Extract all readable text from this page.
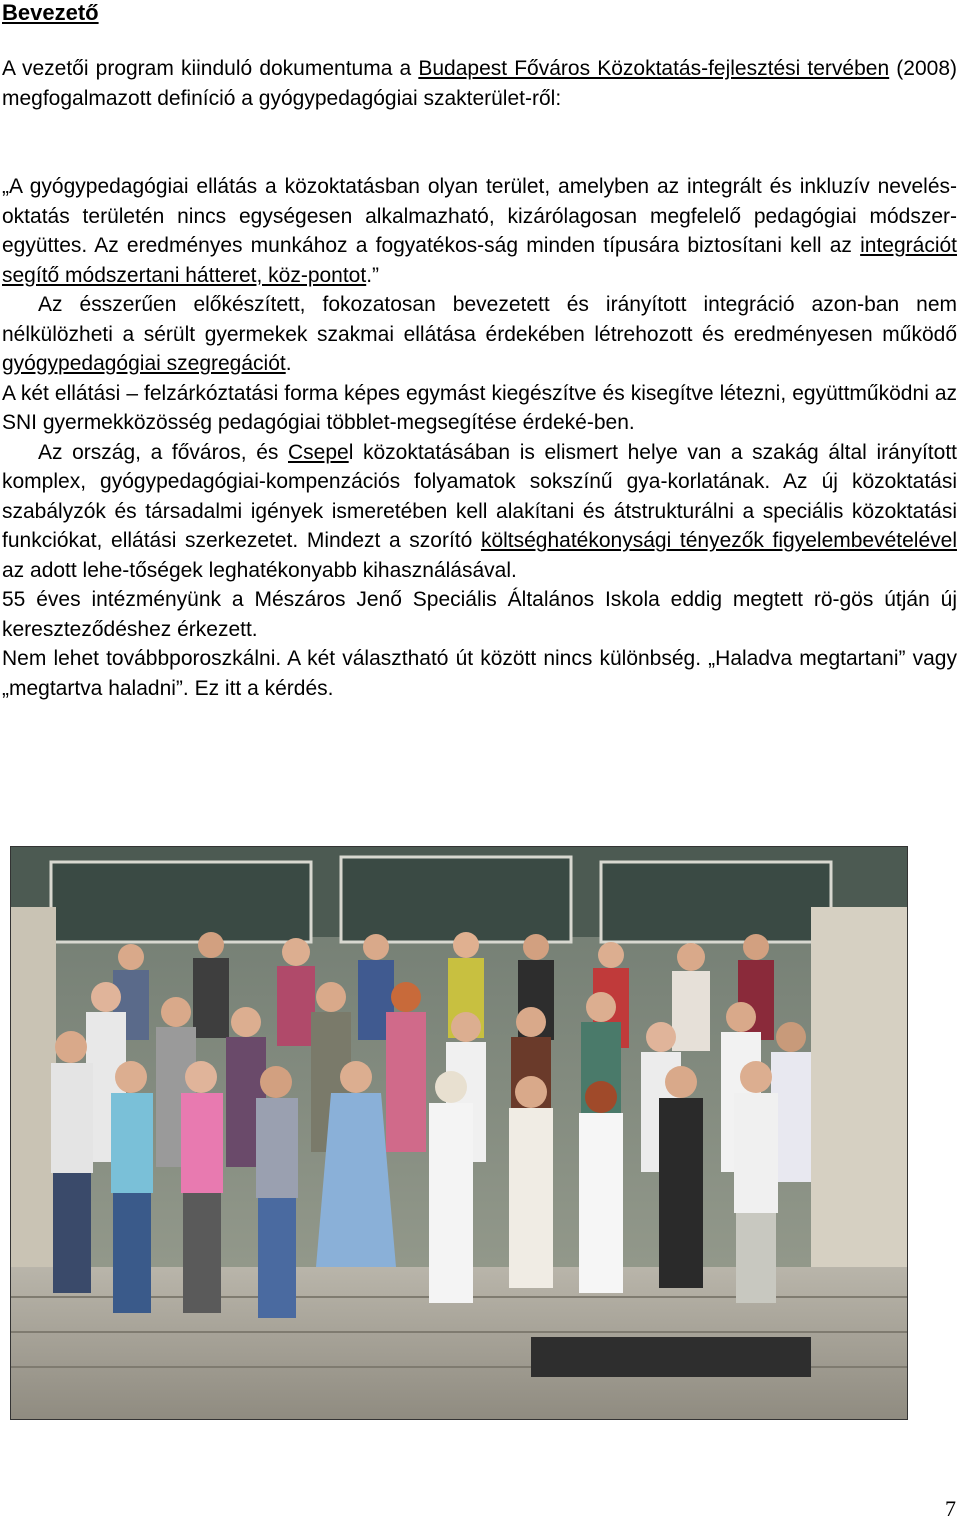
Bevezető

A vezetői program kiinduló dokumentuma a Budapest Főváros Közoktatás-fejlesztési tervében (2008) megfogalmazott definíció a gyógypedagógiai szakterület-ről:

„A gyógypedagógiai ellátás a közoktatásban olyan terület, amelyben az integrált és inkluzív nevelés-oktatás területén nincs egységesen alkalmazható, kizárólagosan megfelelő pedagógiai módszer-együttes. Az eredményes munkához a fogyatékos-ság minden típusára biztosítani kell az integrációt segítő módszertani hátteret, köz-pontot.”

Az ésszerűen előkészített, fokozatosan bevezetett és irányított integráció azon-ban nem nélkülözheti a sérült gyermekek szakmai ellátása érdekében létrehozott és eredményesen működő gyógypedagógiai szegregációt.

A két ellátási – felzárkóztatási forma képes egymást kiegészítve és kisegítve létezni, együttműködni az SNI gyermekközösség pedagógiai többlet-megsegítése érdeké-ben.

Az ország, a főváros, és Csepel közoktatásában is elismert helye van a szakág által irányított komplex, gyógypedagógiai-kompenzációs folyamatok sokszínű gya-korlatának. Az új közoktatási szabályzók és társadalmi igények ismeretében kell alakítani és átstrukturálni a speciális közoktatási funkciókat, ellátási szerkezetet. Mindezt a szorító költséghatékonysági tényezők figyelembevételével az adott lehe-tőségek leghatékonyabb kihasználásával.

55 éves intézményünk a Mészáros Jenő Speciális Általános Iskola eddig megtett rö-gös útján új kereszteződéshez érkezett.

Nem lehet továbbporoszkálni. A két választható út között nincs különbség. „Haladva megtartani” vagy „megtartva haladni”. Ez itt a kérdés.

7
